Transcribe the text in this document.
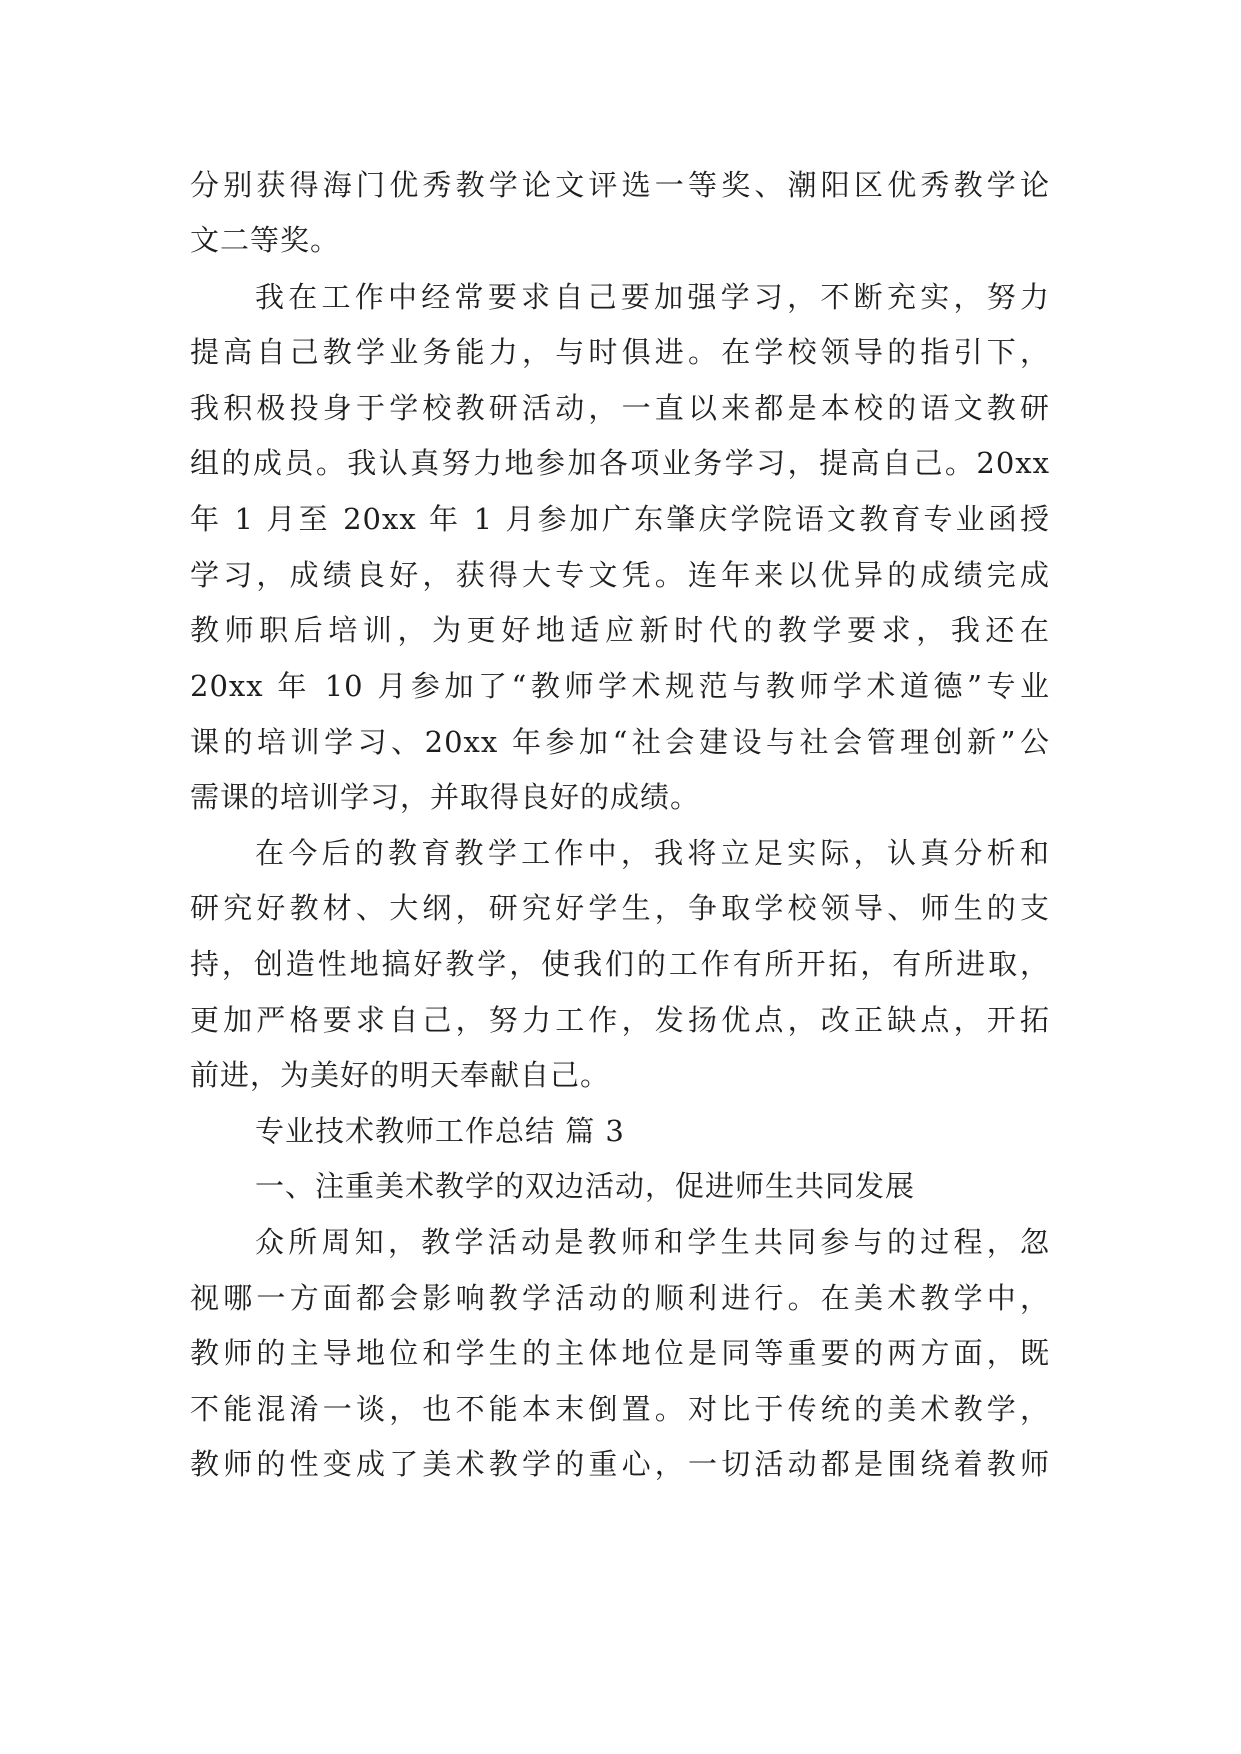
分别获得海门优秀教学论文评选一等奖、潮阳区优秀教学论
文二等奖。
我在工作中经常要求自己要加强学习，不断充实，努力
提高自己教学业务能力，与时俱进。在学校领导的指引下，
我积极投身于学校教研活动，一直以来都是本校的语文教研
组的成员。我认真努力地参加各项业务学习，提高自己。20xx
年 1 月至 20xx 年 1 月参加广东肇庆学院语文教育专业函授
学习，成绩良好，获得大专文凭。连年来以优异的成绩完成
教师职后培训，为更好地适应新时代的教学要求，我还在
20xx 年 10 月参加了“教师学术规范与教师学术道德”专业
课的培训学习、20xx 年参加“社会建设与社会管理创新”公
需课的培训学习，并取得良好的成绩。
在今后的教育教学工作中，我将立足实际，认真分析和
研究好教材、大纲，研究好学生，争取学校领导、师生的支
持，创造性地搞好教学，使我们的工作有所开拓，有所进取，
更加严格要求自己，努力工作，发扬优点，改正缺点，开拓
前进，为美好的明天奉献自己。
专业技术教师工作总结 篇 3
一、注重美术教学的双边活动，促进师生共同发展
众所周知，教学活动是教师和学生共同参与的过程，忽
视哪一方面都会影响教学活动的顺利进行。在美术教学中，
教师的主导地位和学生的主体地位是同等重要的两方面，既
不能混淆一谈，也不能本末倒置。对比于传统的美术教学，
教师的性变成了美术教学的重心，一切活动都是围绕着教师
